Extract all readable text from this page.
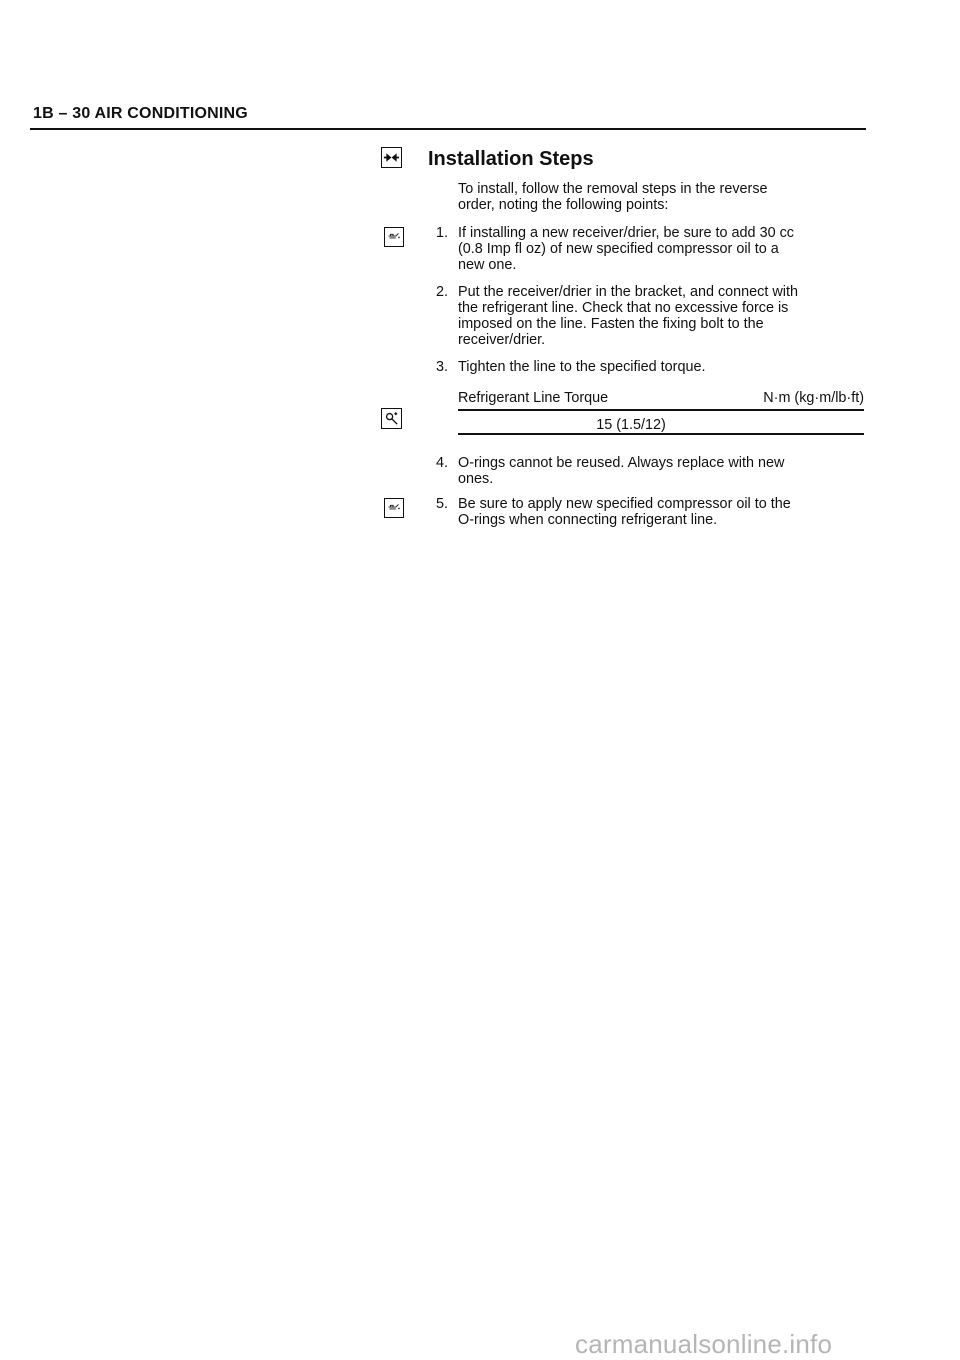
1B – 30 AIR CONDITIONING
Installation Steps
To install, follow the removal steps in the reverse
order, noting the following points:
1. If installing a new receiver/drier, be sure to add 30 cc
(0.8 Imp fl oz) of new specified compressor oil to a
new one.
2. Put the receiver/drier in the bracket, and connect with
the refrigerant line. Check that no excessive force is
imposed on the line. Fasten the fixing bolt to the
receiver/drier.
3. Tighten the line to the specified torque.
Refrigerant Line Torque	N·m (kg·m/lb·ft)
15 (1.5/12)
4. O-rings cannot be reused. Always replace with new
ones.
5. Be sure to apply new specified compressor oil to the
O-rings when connecting refrigerant line.
carmanualsonline.info
